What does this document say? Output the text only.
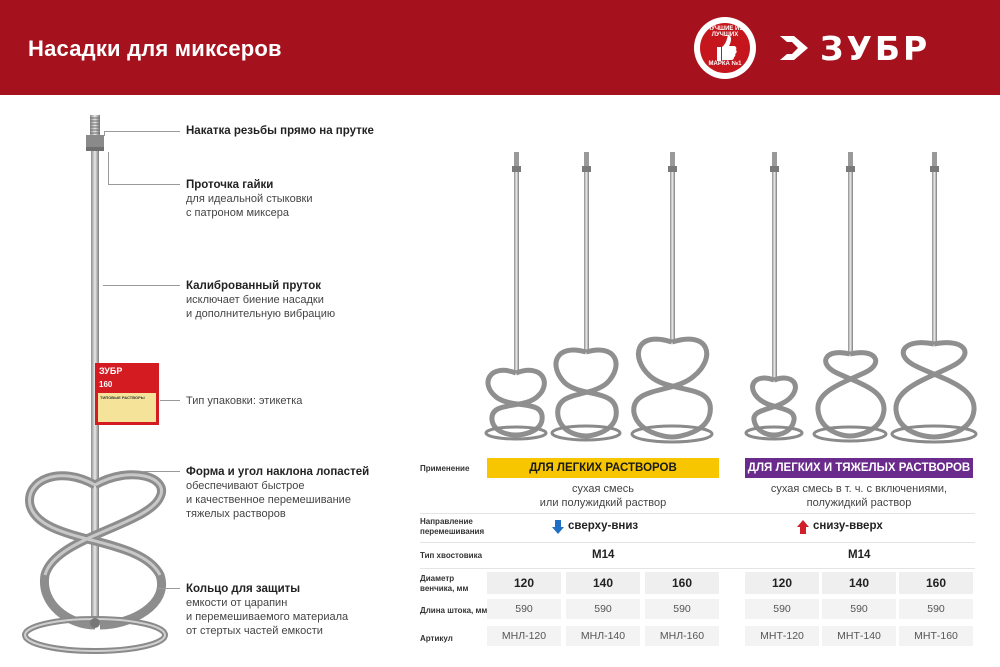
Насадки для миксеров
ЛУЧШИЕ ИЗ ЛУЧШИХ
МАРКА №1	ЗУБР
ЗУБР
160
ТИПОВЫЕ РАСТВОРЫ
Накатка резьбы прямо на прутке
Проточка гайки
для идеальной стыковки
с патроном миксера
Калиброванный пруток
исключает биение насадки
и дополнительную вибрацию
Тип упаковки: этикетка
Форма и угол наклона лопастей
обеспечивают быстрое
и качественное перемешивание
тяжелых растворов
Кольцо для защиты
емкости от царапин
и перемешиваемого материала
от стертых частей емкости
Применение	ДЛЯ ЛЕГКИХ РАСТВОРОВ	ДЛЯ ЛЕГКИХ И ТЯЖЕЛЫХ РАСТВОРОВ
сухая смесь
или полужидкий раствор
сухая смесь в т. ч. с включениями,
полужидкий раствор
Направление
перемешивания	сверху-вниз	снизу-вверх
Тип хвостовика	M14	M14
Диаметр
венчика, мм	120	140	160	120	140	160
Длина штока, мм	590	590	590	590	590	590
Артикул	МНЛ-120	МНЛ-140	МНЛ-160	МНТ-120	МНТ-140	МНТ-160
